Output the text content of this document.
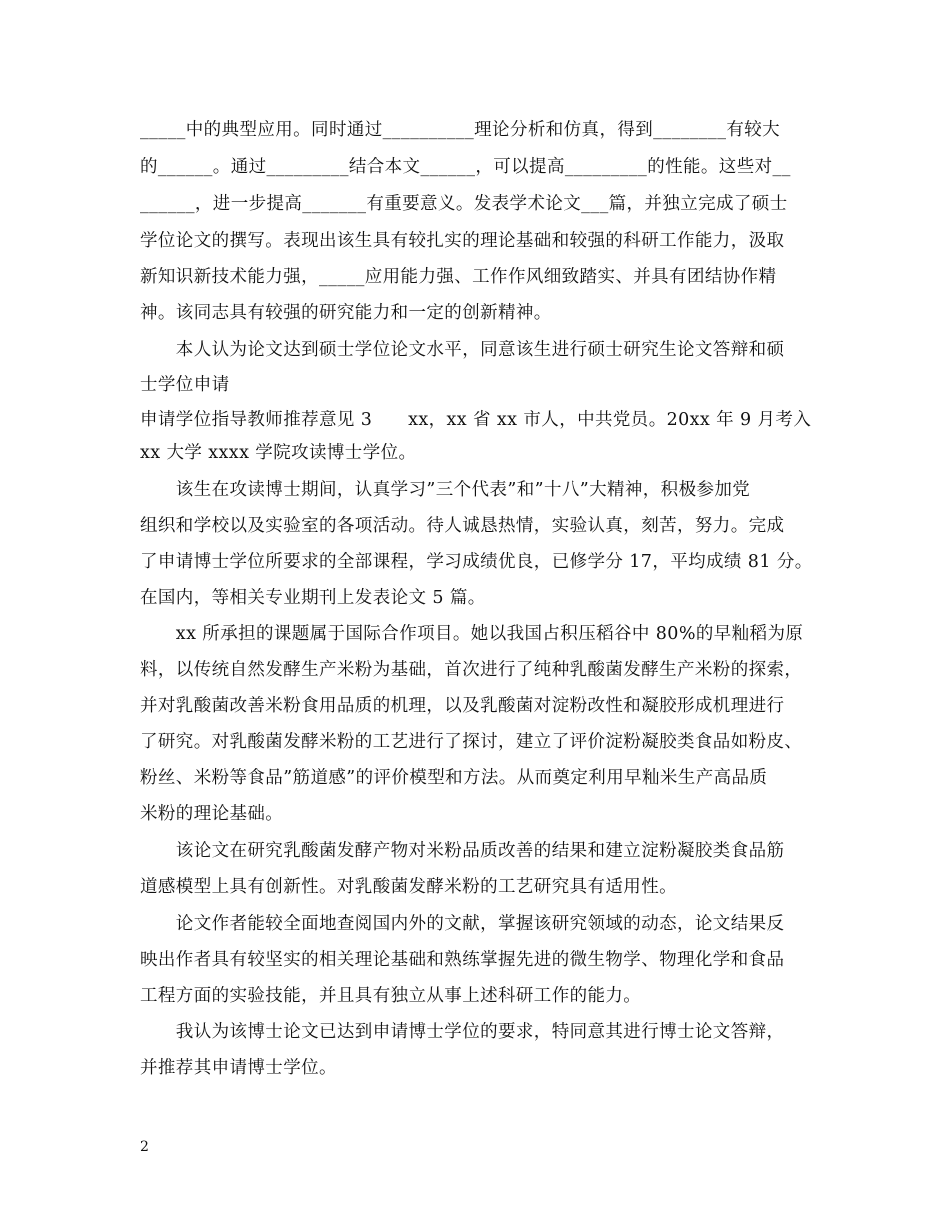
_____中的典型应用。同时通过__________理论分析和仿真，得到________有较大
的______。通过_________结合本文______，可以提高_________的性能。这些对__
______，进一步提高_______有重要意义。发表学术论文___篇，并独立完成了硕士
学位论文的撰写。表现出该生具有较扎实的理论基础和较强的科研工作能力，汲取
新知识新技术能力强，_____应用能力强、工作作风细致踏实、并具有团结协作精
神。该同志具有较强的研究能力和一定的创新精神。
　　本人认为论文达到硕士学位论文水平，同意该生进行硕士研究生论文答辩和硕
士学位申请
申请学位指导教师推荐意见 3　　xx，xx 省 xx 市人，中共党员。20xx 年 9 月考入
xx 大学 xxxx 学院攻读博士学位。
　　该生在攻读博士期间，认真学习”三个代表”和”十八”大精神，积极参加党
组织和学校以及实验室的各项活动。待人诚恳热情，实验认真，刻苦，努力。完成
了申请博士学位所要求的全部课程，学习成绩优良，已修学分 17，平均成绩 81 分。
在国内，等相关专业期刊上发表论文 5 篇。
　　xx 所承担的课题属于国际合作项目。她以我国占积压稻谷中 80%的早籼稻为原
料，以传统自然发酵生产米粉为基础，首次进行了纯种乳酸菌发酵生产米粉的探索，
并对乳酸菌改善米粉食用品质的机理，以及乳酸菌对淀粉改性和凝胶形成机理进行
了研究。对乳酸菌发酵米粉的工艺进行了探讨，建立了评价淀粉凝胶类食品如粉皮、
粉丝、米粉等食品”筋道感”的评价模型和方法。从而奠定利用早籼米生产高品质
米粉的理论基础。
　　该论文在研究乳酸菌发酵产物对米粉品质改善的结果和建立淀粉凝胶类食品筋
道感模型上具有创新性。对乳酸菌发酵米粉的工艺研究具有适用性。
　　论文作者能较全面地查阅国内外的文献，掌握该研究领域的动态，论文结果反
映出作者具有较坚实的相关理论基础和熟练掌握先进的微生物学、物理化学和食品
工程方面的实验技能，并且具有独立从事上述科研工作的能力。
　　我认为该博士论文已达到申请博士学位的要求，特同意其进行博士论文答辩，
并推荐其申请博士学位。
2
